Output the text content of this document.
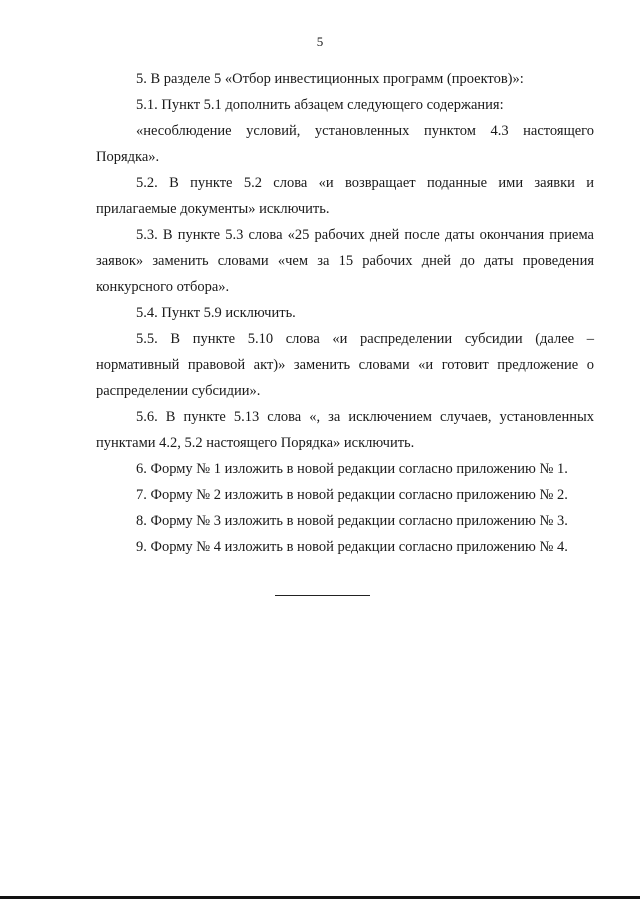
5

5. В разделе 5 «Отбор инвестиционных программ (проектов)»:

5.1. Пункт 5.1 дополнить абзацем следующего содержания:

«несоблюдение условий, установленных пунктом 4.3 настоящего Порядка».

5.2. В пункте 5.2 слова «и возвращает поданные ими заявки и прилагаемые документы» исключить.

5.3. В пункте 5.3 слова «25 рабочих дней после даты окончания приема заявок» заменить словами «чем за 15 рабочих дней до даты проведения конкурсного отбора».

5.4. Пункт 5.9 исключить.

5.5. В пункте 5.10 слова «и распределении субсидии (далее – нормативный правовой акт)» заменить словами «и готовит предложение о распределении субсидии».

5.6. В пункте 5.13 слова «, за исключением случаев, установленных пунктами 4.2, 5.2 настоящего Порядка» исключить.

6. Форму № 1 изложить в новой редакции согласно приложению № 1.

7. Форму № 2 изложить в новой редакции согласно приложению № 2.

8. Форму № 3 изложить в новой редакции согласно приложению № 3.

9. Форму № 4 изложить в новой редакции согласно приложению № 4.
